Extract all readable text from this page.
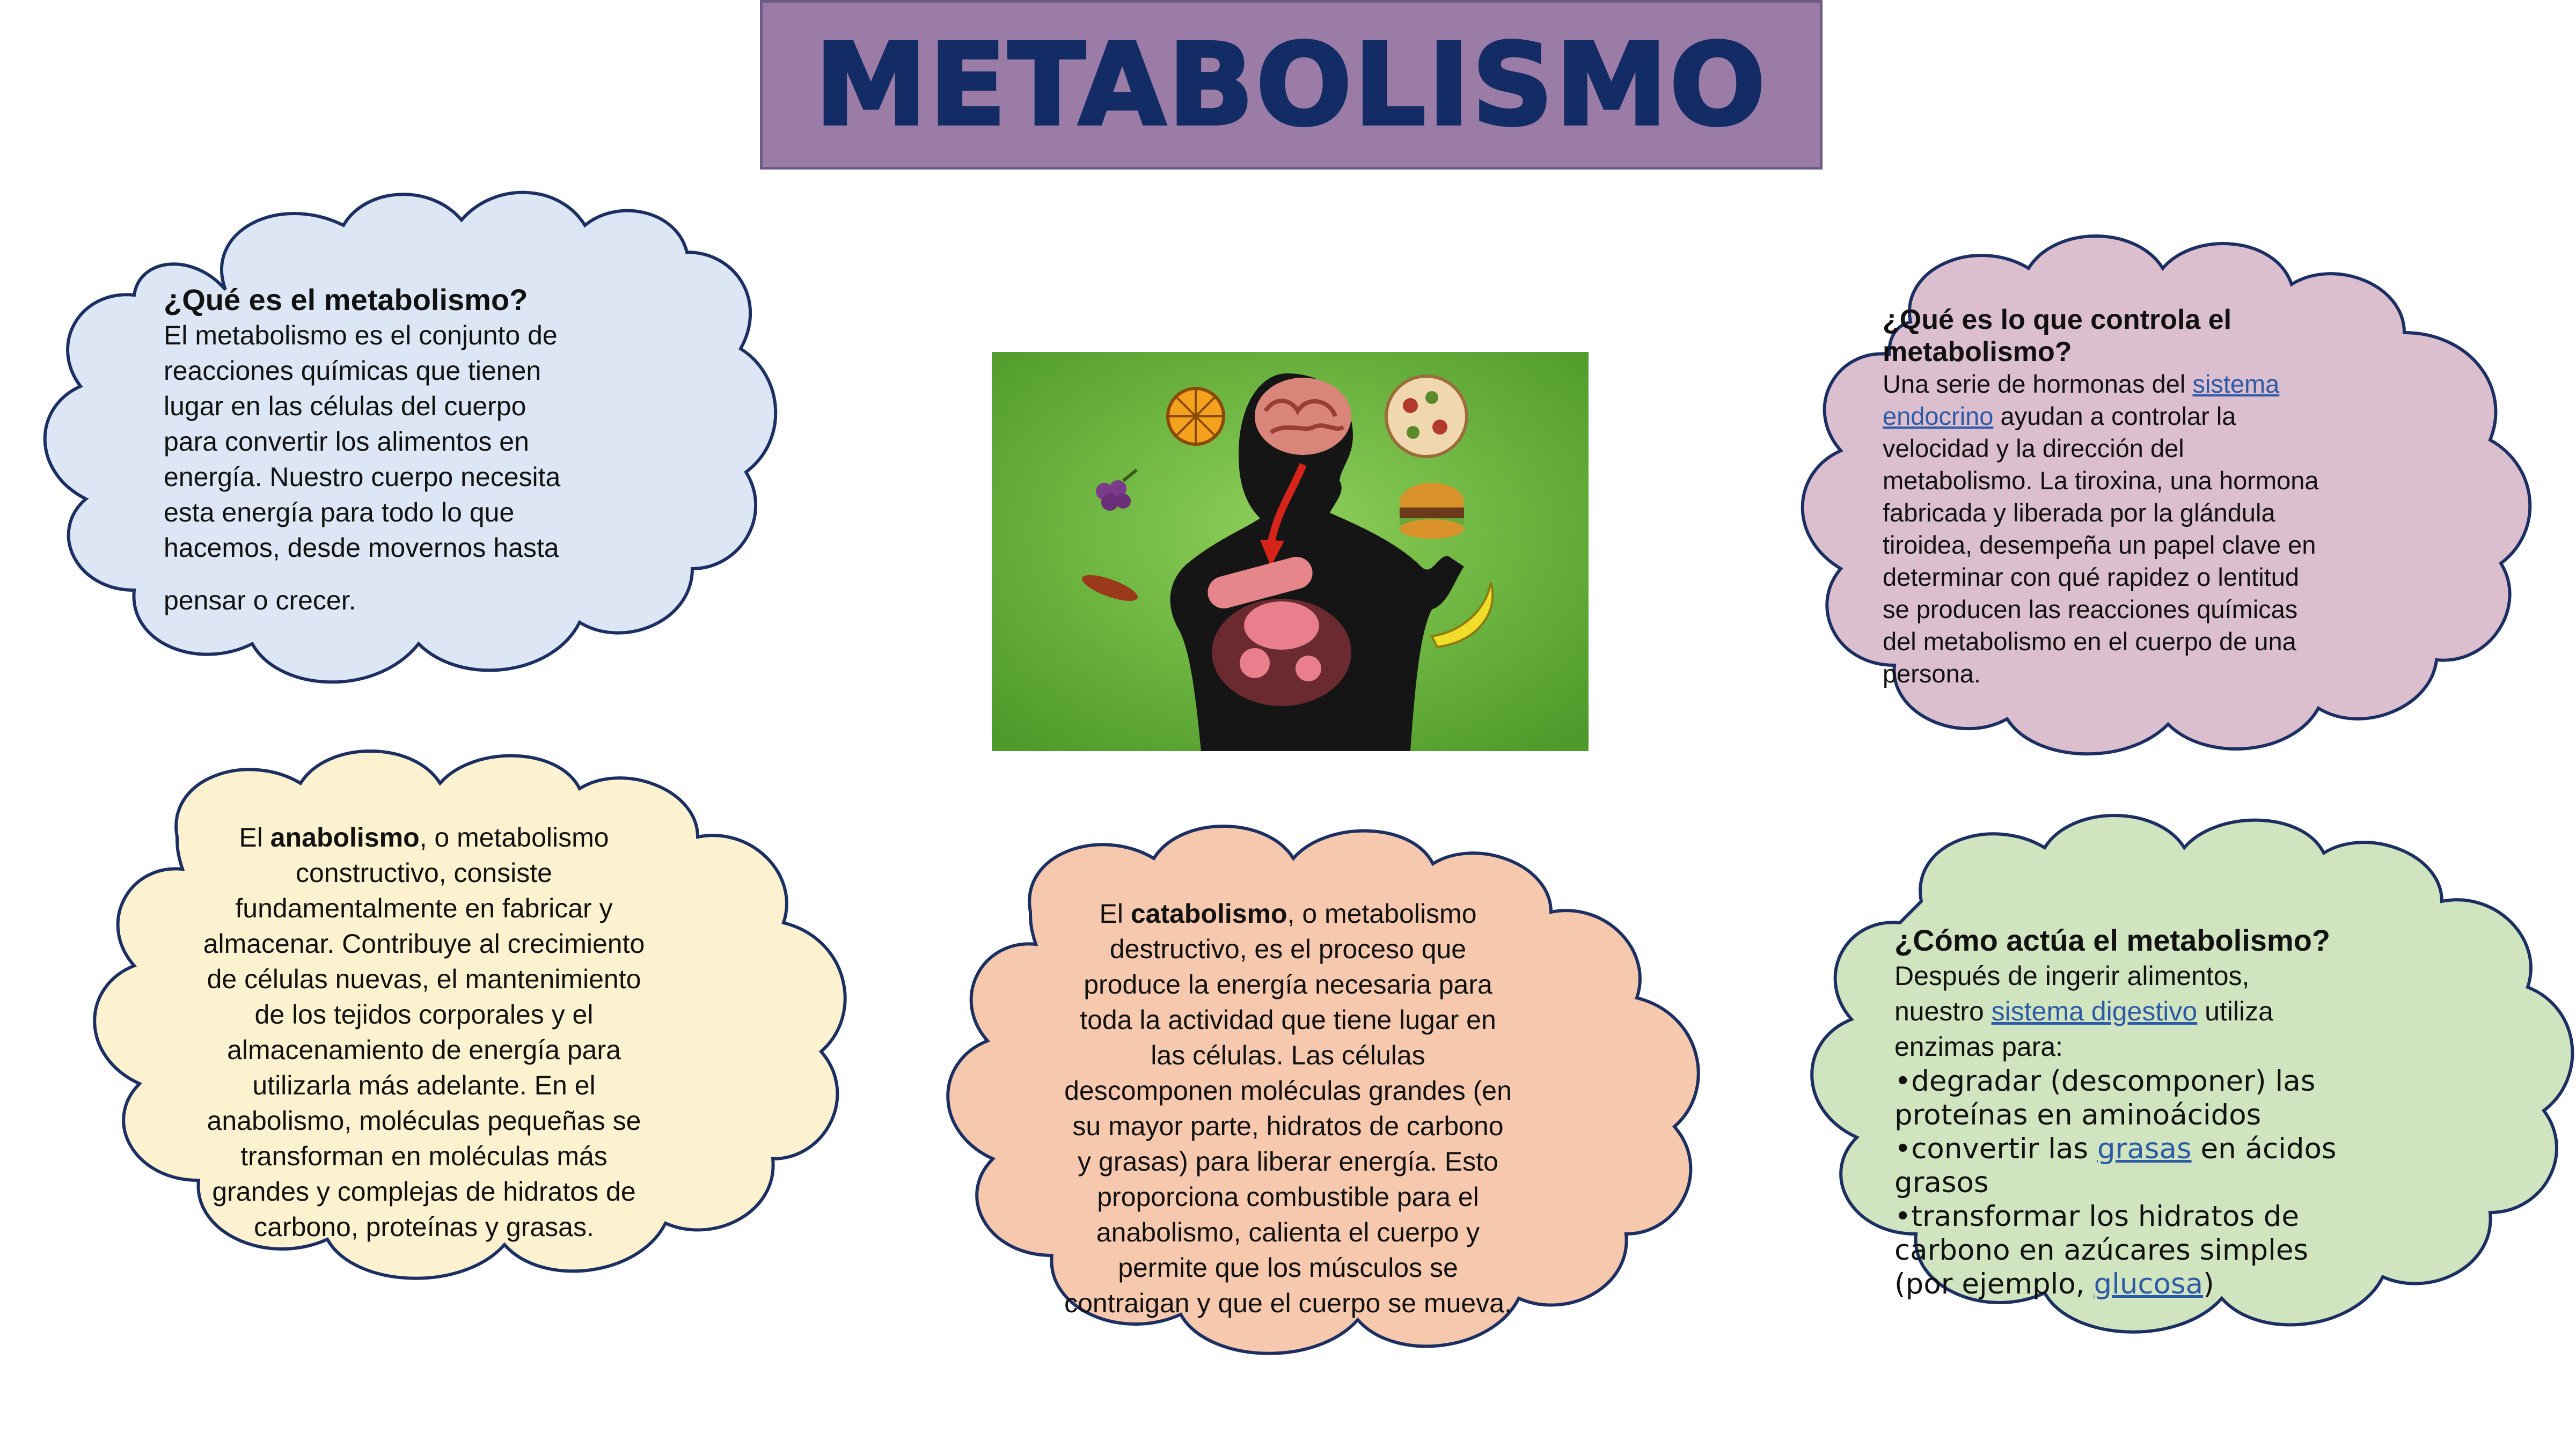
METABOLISMO
¿Qué es el metabolismo?
El metabolismo es el conjunto de
reacciones químicas que tienen
lugar en las células del cuerpo
para convertir los alimentos en
energía. Nuestro cuerpo necesita
esta energía para todo lo que
hacemos, desde movernos hasta
pensar o crecer.
¿Qué es lo que controla el
metabolismo?
Una serie de hormonas del sistema
endocrino ayudan a controlar la
velocidad y la dirección del
metabolismo. La tiroxina, una hormona
fabricada y liberada por la glándula
tiroidea, desempeña un papel clave en
determinar con qué rapidez o lentitud
se producen las reacciones químicas
del metabolismo en el cuerpo de una
persona.
El anabolismo, o metabolismo
constructivo, consiste
fundamentalmente en fabricar y
almacenar. Contribuye al crecimiento
de células nuevas, el mantenimiento
de los tejidos corporales y el
almacenamiento de energía para
utilizarla más adelante. En el
anabolismo, moléculas pequeñas se
transforman en moléculas más
grandes y complejas de hidratos de
carbono, proteínas y grasas.
El catabolismo, o metabolismo
destructivo, es el proceso que
produce la energía necesaria para
toda la actividad que tiene lugar en
las células. Las células
descomponen moléculas grandes (en
su mayor parte, hidratos de carbono
y grasas) para liberar energía. Esto
proporciona combustible para el
anabolismo, calienta el cuerpo y
permite que los músculos se
contraigan y que el cuerpo se mueva.
¿Cómo actúa el metabolismo?
Después de ingerir alimentos,
nuestro sistema digestivo utiliza
enzimas para:
•degradar (descomponer) las
proteínas en aminoácidos
•convertir las grasas en ácidos
grasos
•transformar los hidratos de
carbono en azúcares simples
(por ejemplo, glucosa)
